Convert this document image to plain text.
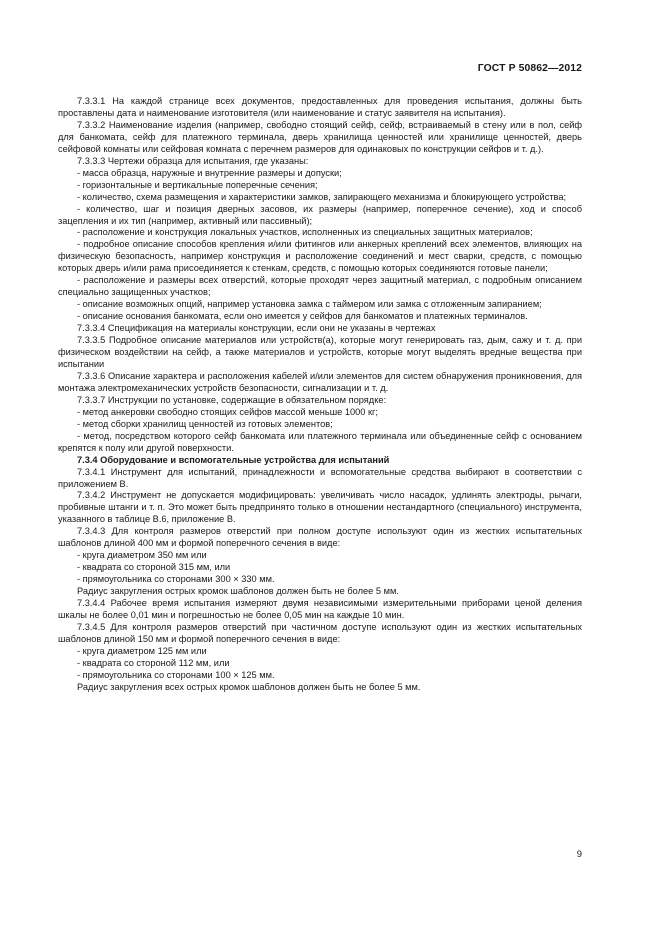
ГОСТ Р 50862—2012

7.3.3.1 На каждой странице всех документов, предоставленных для проведения испытания, должны быть проставлены дата и наименование изготовителя (или наименование и статус заявителя на испытания).

7.3.3.2 Наименование изделия (например, свободно стоящий сейф, сейф, встраиваемый в стену или в пол, сейф для банкомата, сейф для платежного терминала, дверь хранилища ценностей или хранилище ценностей, дверь сейфовой комнаты или сейфовая комната с перечнем размеров для одинаковых по конструкции сейфов и т. д.).

7.3.3.3 Чертежи образца для испытания, где указаны:

- масса образца, наружные и внутренние размеры и допуски;

- горизонтальные и вертикальные поперечные сечения;

- количество, схема размещения и характеристики замков, запирающего механизма и блокирующего устройства;

- количество, шаг и позиция дверных засовов, их размеры (например, поперечное сечение), ход и способ зацепления и их тип (например, активный или пассивный);

- расположение и конструкция локальных участков, исполненных из специальных защитных материалов;

- подробное описание способов крепления и/или фитингов или анкерных креплений всех элементов, влияющих на физическую безопасность, например конструкция и расположение соединений и мест сварки, средств, с помощью которых дверь и/или рама присоединяется к стенкам, средств, с помощью которых соединяются готовые панели;

- расположение и размеры всех отверстий, которые проходят через защитный материал, с подробным описанием специально защищенных участков;

- описание возможных опций, например установка замка с таймером или замка с отложенным запиранием;

- описание основания банкомата, если оно имеется у сейфов для банкоматов и платежных терминалов.

7.3.3.4 Спецификация на материалы конструкции, если они не указаны в чертежах

7.3.3.5 Подробное описание материалов или устройств(а), которые могут генерировать газ, дым, сажу и т. д. при физическом воздействии на сейф, а также материалов и устройств, которые могут выделять вредные вещества при испытании

7.3.3.6 Описание характера и расположения кабелей и/или элементов для систем обнаружения проникновения, для монтажа электромеханических устройств безопасности, сигнализации и т. д.

7.3.3.7 Инструкции по установке, содержащие в обязательном порядке:

- метод анкеровки свободно стоящих сейфов массой меньше 1000 кг;

- метод сборки хранилищ ценностей из готовых элементов;

- метод, посредством которого сейф банкомата или платежного терминала или объединенные сейф с основанием крепятся к полу или другой поверхности.

7.3.4 Оборудование и вспомогательные устройства для испытаний

7.3.4.1 Инструмент для испытаний, принадлежности и вспомогательные средства выбирают в соответствии с приложением В.

7.3.4.2 Инструмент не допускается модифицировать: увеличивать число насадок, удлинять электроды, рычаги, пробивные штанги и т. п. Это может быть предпринято только в отношении нестандартного (специального) инструмента, указанного в таблице В.6, приложение В.

7.3.4.3 Для контроля размеров отверстий при полном доступе используют один из жестких испытательных шаблонов длиной 400 мм и формой поперечного сечения в виде:

- круга диаметром 350 мм или

- квадрата со стороной 315 мм, или

- прямоугольника со сторонами 300 × 330 мм.

Радиус закругления острых кромок шаблонов должен быть не более 5 мм.

7.3.4.4 Рабочее время испытания измеряют двумя независимыми измерительными приборами ценой деления шкалы не более 0,01 мин и погрешностью не более 0,05 мин на каждые 10 мин.

7.3.4.5 Для контроля размеров отверстий при частичном доступе используют один из жестких испытательных шаблонов длиной 150 мм и формой поперечного сечения в виде:

- круга диаметром 125 мм или

- квадрата со стороной 112 мм, или

- прямоугольника со сторонами 100 × 125 мм.

Радиус закругления всех острых кромок шаблонов должен быть не более 5 мм.

9
